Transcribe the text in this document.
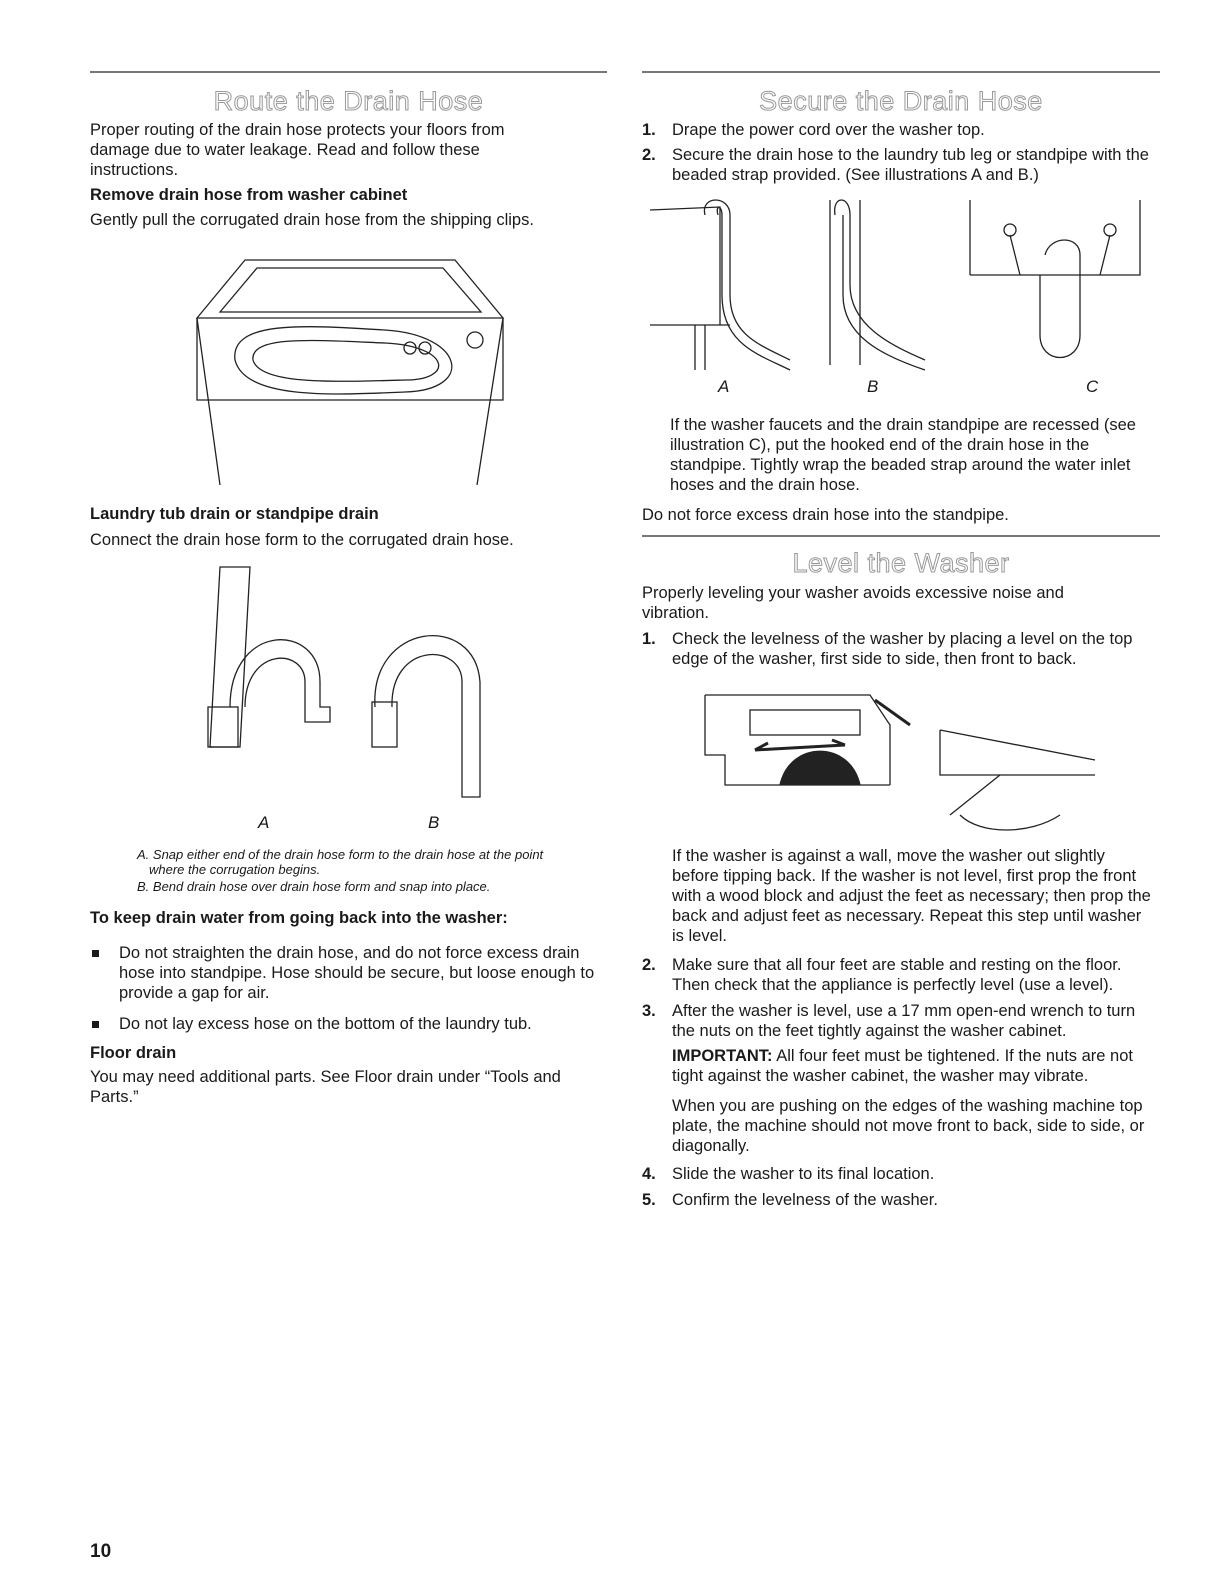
Route the Drain Hose
Proper routing of the drain hose protects your floors from damage due to water leakage. Read and follow these instructions.
Remove drain hose from washer cabinet
Gently pull the corrugated drain hose from the shipping clips.
Laundry tub drain or standpipe drain
Connect the drain hose form to the corrugated drain hose.
A	B
A. Snap either end of the drain hose form to the drain hose at the point where the corrugation begins.
B. Bend drain hose over drain hose form and snap into place.
To keep drain water from going back into the washer:
Do not straighten the drain hose, and do not force excess drain hose into standpipe. Hose should be secure, but loose enough to provide a gap for air.
Do not lay excess hose on the bottom of the laundry tub.
Floor drain
You may need additional parts. See Floor drain under “Tools and Parts.”
Secure the Drain Hose
1. Drape the power cord over the washer top.
2. Secure the drain hose to the laundry tub leg or standpipe with the beaded strap provided. (See illustrations A and B.)
A	B	C
If the washer faucets and the drain standpipe are recessed (see illustration C), put the hooked end of the drain hose in the standpipe. Tightly wrap the beaded strap around the water inlet hoses and the drain hose.
Do not force excess drain hose into the standpipe.
Level the Washer
Properly leveling your washer avoids excessive noise and vibration.
1. Check the levelness of the washer by placing a level on the top edge of the washer, first side to side, then front to back.
If the washer is against a wall, move the washer out slightly before tipping back. If the washer is not level, first prop the front with a wood block and adjust the feet as necessary; then prop the back and adjust feet as necessary. Repeat this step until washer is level.
2. Make sure that all four feet are stable and resting on the floor. Then check that the appliance is perfectly level (use a level).
3. After the washer is level, use a 17 mm open-end wrench to turn the nuts on the feet tightly against the washer cabinet.
IMPORTANT: All four feet must be tightened. If the nuts are not tight against the washer cabinet, the washer may vibrate.
When you are pushing on the edges of the washing machine top plate, the machine should not move front to back, side to side, or diagonally.
4. Slide the washer to its final location.
5. Confirm the levelness of the washer.
10
